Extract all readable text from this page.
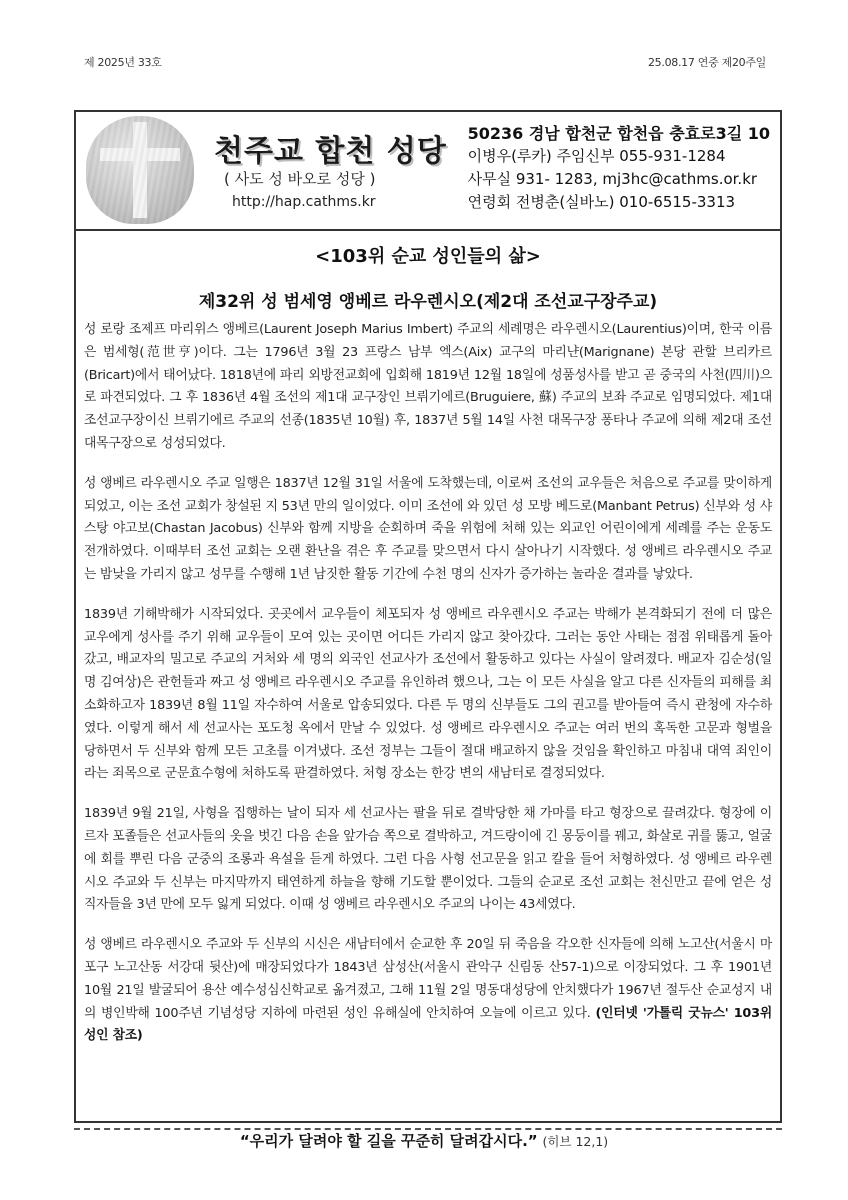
제 2025년 33호	25.08.17 연중 제20주일
천주교 합천 성당
( 사도 성 바오로 성당 )
http://hap.cathms.kr
50236 경남 합천군 합천읍 충효로3길 10
이병우(루카) 주임신부 055-931-1284
사무실 931- 1283, mj3hc@cathms.or.kr
연령회 전병춘(실바노) 010-6515-3313
<103위 순교 성인들의 삶>
제32위 성 범세영 앵베르 라우렌시오(제2대 조선교구장주교)

성 로랑 조제프 마리위스 앵베르(Laurent Joseph Marius Imbert) 주교의 세례명은 라우렌시오(Laurentius)이며, 한국 이름은 범세형(范世亨)이다. 그는 1796년 3월 23 프랑스 남부 엑스(Aix) 교구의 마리냔(Marignane) 본당 관할 브리카르(Bricart)에서 태어났다. 1818년에 파리 외방전교회에 입회해 1819년 12월 18일에 성품성사를 받고 곧 중국의 사천(四川)으로 파견되었다. 그 후 1836년 4월 조선의 제1대 교구장인 브뤼기에르(Bruguiere, 蘇) 주교의 보좌 주교로 임명되었다. 제1대 조선교구장이신 브뤼기에르 주교의 선종(1835년 10월) 후, 1837년 5월 14일 사천 대목구장 퐁타나 주교에 의해 제2대 조선 대목구장으로 성성되었다.

성 앵베르 라우렌시오 주교 일행은 1837년 12월 31일 서울에 도착했는데, 이로써 조선의 교우들은 처음으로 주교를 맞이하게 되었고, 이는 조선 교회가 창설된 지 53년 만의 일이었다. 이미 조선에 와 있던 성 모방 베드로(Manbant Petrus) 신부와 성 샤스탕 야고보(Chastan Jacobus) 신부와 함께 지방을 순회하며 죽을 위험에 처해 있는 외교인 어린이에게 세례를 주는 운동도 전개하였다. 이때부터 조선 교회는 오랜 환난을 겪은 후 주교를 맞으면서 다시 살아나기 시작했다. 성 앵베르 라우렌시오 주교는 밤낮을 가리지 않고 성무를 수행해 1년 남짓한 활동 기간에 수천 명의 신자가 증가하는 놀라운 결과를 낳았다.

1839년 기해박해가 시작되었다. 곳곳에서 교우들이 체포되자 성 앵베르 라우렌시오 주교는 박해가 본격화되기 전에 더 많은 교우에게 성사를 주기 위해 교우들이 모여 있는 곳이면 어디든 가리지 않고 찾아갔다. 그러는 동안 사태는 점점 위태롭게 돌아갔고, 배교자의 밀고로 주교의 거처와 세 명의 외국인 선교사가 조선에서 활동하고 있다는 사실이 알려졌다. 배교자 김순성(일명 김여상)은 관헌들과 짜고 성 앵베르 라우렌시오 주교를 유인하려 했으나, 그는 이 모든 사실을 알고 다른 신자들의 피해를 최소화하고자 1839년 8월 11일 자수하여 서울로 압송되었다. 다른 두 명의 신부들도 그의 권고를 받아들여 즉시 관청에 자수하였다. 이렇게 해서 세 선교사는 포도청 옥에서 만날 수 있었다. 성 앵베르 라우렌시오 주교는 여러 번의 혹독한 고문과 형벌을 당하면서 두 신부와 함께 모든 고초를 이겨냈다. 조선 정부는 그들이 절대 배교하지 않을 것임을 확인하고 마침내 대역 죄인이라는 죄목으로 군문효수형에 처하도록 판결하였다. 처형 장소는 한강 변의 새남터로 결정되었다.

1839년 9월 21일, 사형을 집행하는 날이 되자 세 선교사는 팔을 뒤로 결박당한 채 가마를 타고 형장으로 끌려갔다. 형장에 이르자 포졸들은 선교사들의 옷을 벗긴 다음 손을 앞가슴 쪽으로 결박하고, 겨드랑이에 긴 몽둥이를 꿰고, 화살로 귀를 뚫고, 얼굴에 회를 뿌린 다음 군중의 조롱과 욕설을 듣게 하였다. 그런 다음 사형 선고문을 읽고 칼을 들어 처형하였다. 성 앵베르 라우렌시오 주교와 두 신부는 마지막까지 태연하게 하늘을 향해 기도할 뿐이었다. 그들의 순교로 조선 교회는 천신만고 끝에 얻은 성직자들을 3년 만에 모두 잃게 되었다. 이때 성 앵베르 라우렌시오 주교의 나이는 43세였다.

성 앵베르 라우렌시오 주교와 두 신부의 시신은 새남터에서 순교한 후 20일 뒤 죽음을 각오한 신자들에 의해 노고산(서울시 마포구 노고산동 서강대 뒷산)에 매장되었다가 1843년 삼성산(서울시 관악구 신림동 산57-1)으로 이장되었다. 그 후 1901년 10월 21일 발굴되어 용산 예수성심신학교로 옮겨졌고, 그해 11월 2일 명동대성당에 안치했다가 1967년 절두산 순교성지 내의 병인박해 100주년 기념성당 지하에 마련된 성인 유해실에 안치하여 오늘에 이르고 있다. (인터넷 '가톨릭 굿뉴스' 103위 성인 참조)

“우리가 달려야 할 길을 꾸준히 달려갑시다.” (히브 12,1)
